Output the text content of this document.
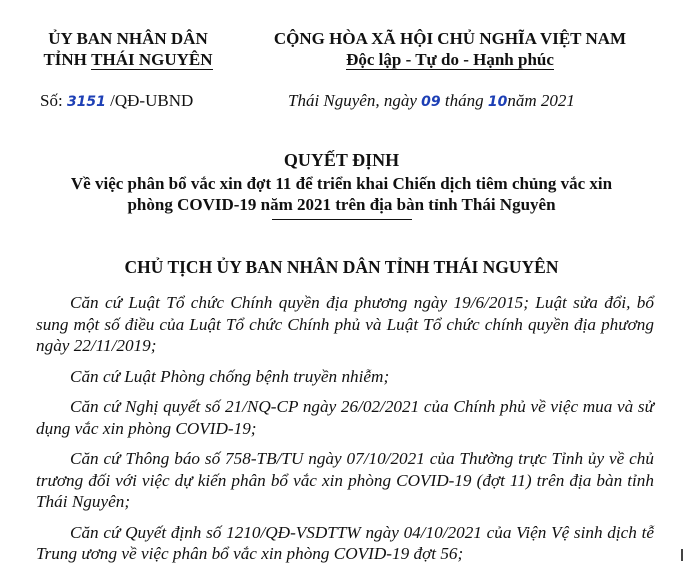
ỦY BAN NHÂN DÂN
TỈNH THÁI NGUYÊN
CỘNG HÒA XÃ HỘI CHỦ NGHĨA VIỆT NAM
Độc lập - Tự do - Hạnh phúc
Số: 3151 /QĐ-UBND	Thái Nguyên, ngày 09 tháng 10năm 2021
QUYẾT ĐỊNH
Về việc phân bổ vắc xin đợt 11 để triển khai Chiến dịch tiêm chủng vắc xin
phòng COVID-19 năm 2021 trên địa bàn tỉnh Thái Nguyên
CHỦ TỊCH ỦY BAN NHÂN DÂN TỈNH THÁI NGUYÊN

Căn cứ Luật Tổ chức Chính quyền địa phương ngày 19/6/2015; Luật sửa đổi, bổ sung một số điều của Luật Tổ chức Chính phủ và Luật Tổ chức chính quyền địa phương ngày 22/11/2019;

Căn cứ Luật Phòng chống bệnh truyền nhiễm;

Căn cứ Nghị quyết số 21/NQ-CP ngày 26/02/2021 của Chính phủ về việc mua và sử dụng vắc xin phòng COVID-19;

Căn cứ Thông báo số 758-TB/TU ngày 07/10/2021 của Thường trực Tỉnh ủy về chủ trương đối với việc dự kiến phân bổ vắc xin phòng COVID-19 (đợt 11) trên địa bàn tỉnh Thái Nguyên;

Căn cứ Quyết định số 1210/QĐ-VSDTTW ngày 04/10/2021 của Viện Vệ sinh dịch tễ Trung ương về việc phân bổ vắc xin phòng COVID-19 đợt 56;
